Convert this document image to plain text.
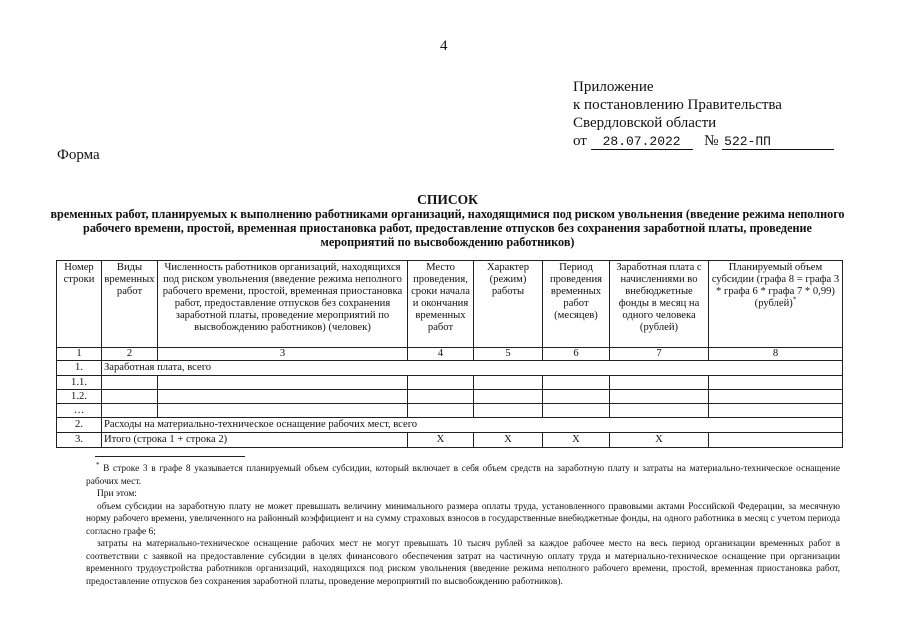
4
Приложение
к постановлению Правительства
Свердловской области
от 28.07.2022 № 522-ПП
Форма
СПИСОК
временных работ, планируемых к выполнению работниками организаций, находящимися под риском увольнения (введение режима неполного рабочего времени, простой, временная приостановка работ, предоставление отпусков без сохранения заработной платы, проведение мероприятий по высвобождению работников)
Номер строки	Виды временных работ	Численность работников организаций, находящихся под риском увольнения (введение режима неполного рабочего времени, простой, временная приостановка работ, предоставление отпусков без сохранения заработной платы, проведение мероприятий по высвобождению работников) (человек)	Место проведения, сроки начала и окончания временных работ	Характер (режим) работы	Период проведения временных работ (месяцев)	Заработная плата с начислениями во внебюджетные фонды в месяц на одного человека (рублей)	Планируемый объем субсидии (графа 8 = графа 3 * графа 6 * графа 7 * 0,99) (рублей)*
1	2	3	4	5	6	7	8
1.	Заработная плата, всего						
1.1.							
1.2.							
…							
2.	Расходы на материально-техническое оснащение рабочих мест, всего						
3.	Итого (строка 1 + строка 2)		X	X	X	X	

* В строке 3 в графе 8 указывается планируемый объем субсидии, который включает в себя объем средств на заработную плату и затраты на материально-техническое оснащение рабочих мест.

При этом:

объем субсидии на заработную плату не может превышать величину минимального размера оплаты труда, установленного правовыми актами Российской Федерации, за месячную норму рабочего времени, увеличенного на районный коэффициент и на сумму страховых взносов в государственные внебюджетные фонды, на одного работника в месяц с учетом периода согласно графе 6;

затраты на материально-техническое оснащение рабочих мест не могут превышать 10 тысяч рублей за каждое рабочее место на весь период организации временных работ в соответствии с заявкой на предоставление субсидии в целях финансового обеспечения затрат на частичную оплату труда и материально-техническое оснащение при организации временного трудоустройства работников организаций, находящихся под риском увольнения (введение режима неполного рабочего времени, простой, временная приостановка работ, предоставление отпусков без сохранения заработной платы, проведение мероприятий по высвобождению работников).
